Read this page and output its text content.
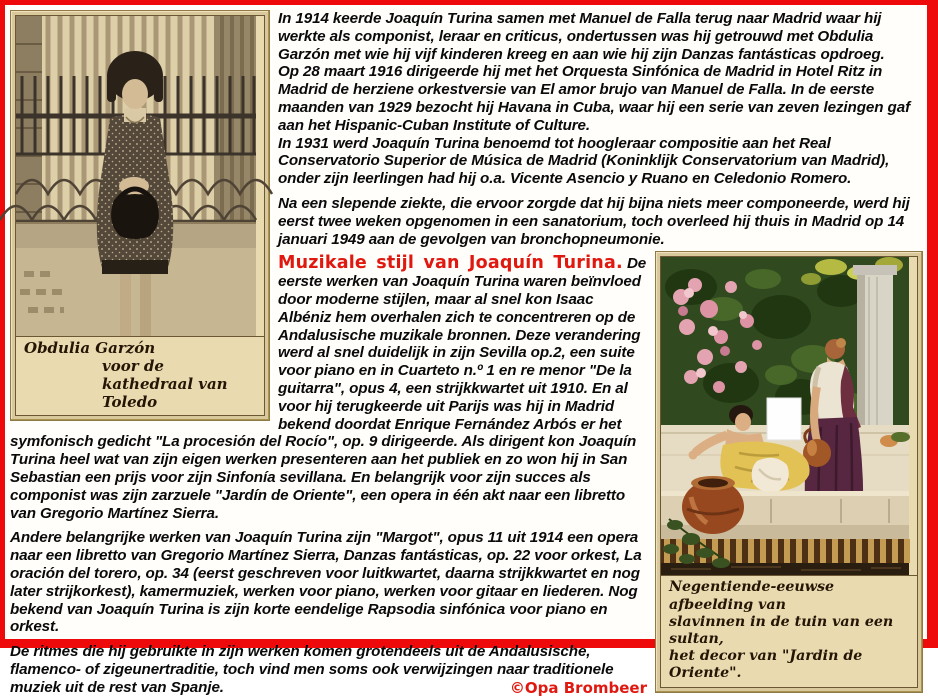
Obdulia Garzón
voor de kathedraal van Toledo

In 1914 keerde Joaquín Turina samen met Manuel de Falla terug naar Madrid waar hij werkte als componist, leraar en criticus, ondertussen was hij getrouwd met Obdulia Garzón met wie hij vijf kinderen kreeg en aan wie hij zijn Danzas fantásticas opdroeg.

Op 28 maart 1916 dirigeerde hij met het Orquesta Sinfónica de Madrid in Hotel Ritz in Madrid de herziene orkestversie van El amor brujo van Manuel de Falla. In de eerste maanden van 1929 bezocht hij Havana in Cuba, waar hij een serie van zeven lezingen gaf aan het Hispanic-Cuban Institute of Culture.

In 1931 werd Joaquín Turina benoemd tot hoogleraar compositie aan het Real Conservatorio Superior de Música de Madrid (Koninklijk Conservatorium van Madrid), onder zijn leerlingen had hij o.a. Vicente Asencio y Ruano en Celedonio Romero.

Na een slepende ziekte, die ervoor zorgde dat hij bijna niets meer componeerde, werd hij eerst twee weken opgenomen in een sanatorium, toch overleed hij thuis in Madrid op 14 januari 1949 aan de gevolgen van bronchopneumonie.

Negentiende-eeuwse afbeelding van
slavinnen in de tuin van een sultan,
het decor van "Jardin de Oriente".

Muzikale stijl van Joaquín Turina. De eerste werken van Joaquín Turina waren beïnvloed door moderne stijlen, maar al snel kon Isaac Albéniz hem overhalen zich te concentreren op de Andalusische muzikale bronnen. Deze verandering werd al snel duidelijk in zijn Sevilla op.2, een suite voor piano en in Cuarteto n.º 1 en re menor "De la guitarra", opus 4, een strijkkwartet uit 1910. En al voor hij terugkeerde uit Parijs was hij in Madrid bekend doordat Enrique Fernández Arbós er het symfonisch gedicht "La procesión del Rocío", op. 9 dirigeerde. Als dirigent kon Joaquín Turina heel wat van zijn eigen werken presenteren aan het publiek en zo won hij in San Sebastian een prijs voor zijn Sinfonía sevillana. En belangrijk voor zijn succes als componist was zijn zarzuele "Jardín de Oriente", een opera in één akt naar een libretto van Gregorio Martínez Sierra.

Andere belangrijke werken van Joaquín Turina zijn "Margot", opus 11 uit 1914 een opera naar een libretto van Gregorio Martínez Sierra, Danzas fantásticas, op. 22 voor orkest, La oración del torero, op. 34 (eerst geschreven voor luitkwartet, daarna strijkkwartet en nog later strijkorkest), kamermuziek, werken voor piano, werken voor gitaar en liederen. Nog bekend van Joaquín Turina is zijn korte eendelige Rapsodia sinfónica voor piano en orkest.

De ritmes die hij gebruikte in zijn werken komen grotendeels uit de Andalusische, flamenco- of zigeunertraditie, toch vind men soms ook verwijzingen naar traditionele muziek uit de rest van Spanje.	©Opa Brombeer
